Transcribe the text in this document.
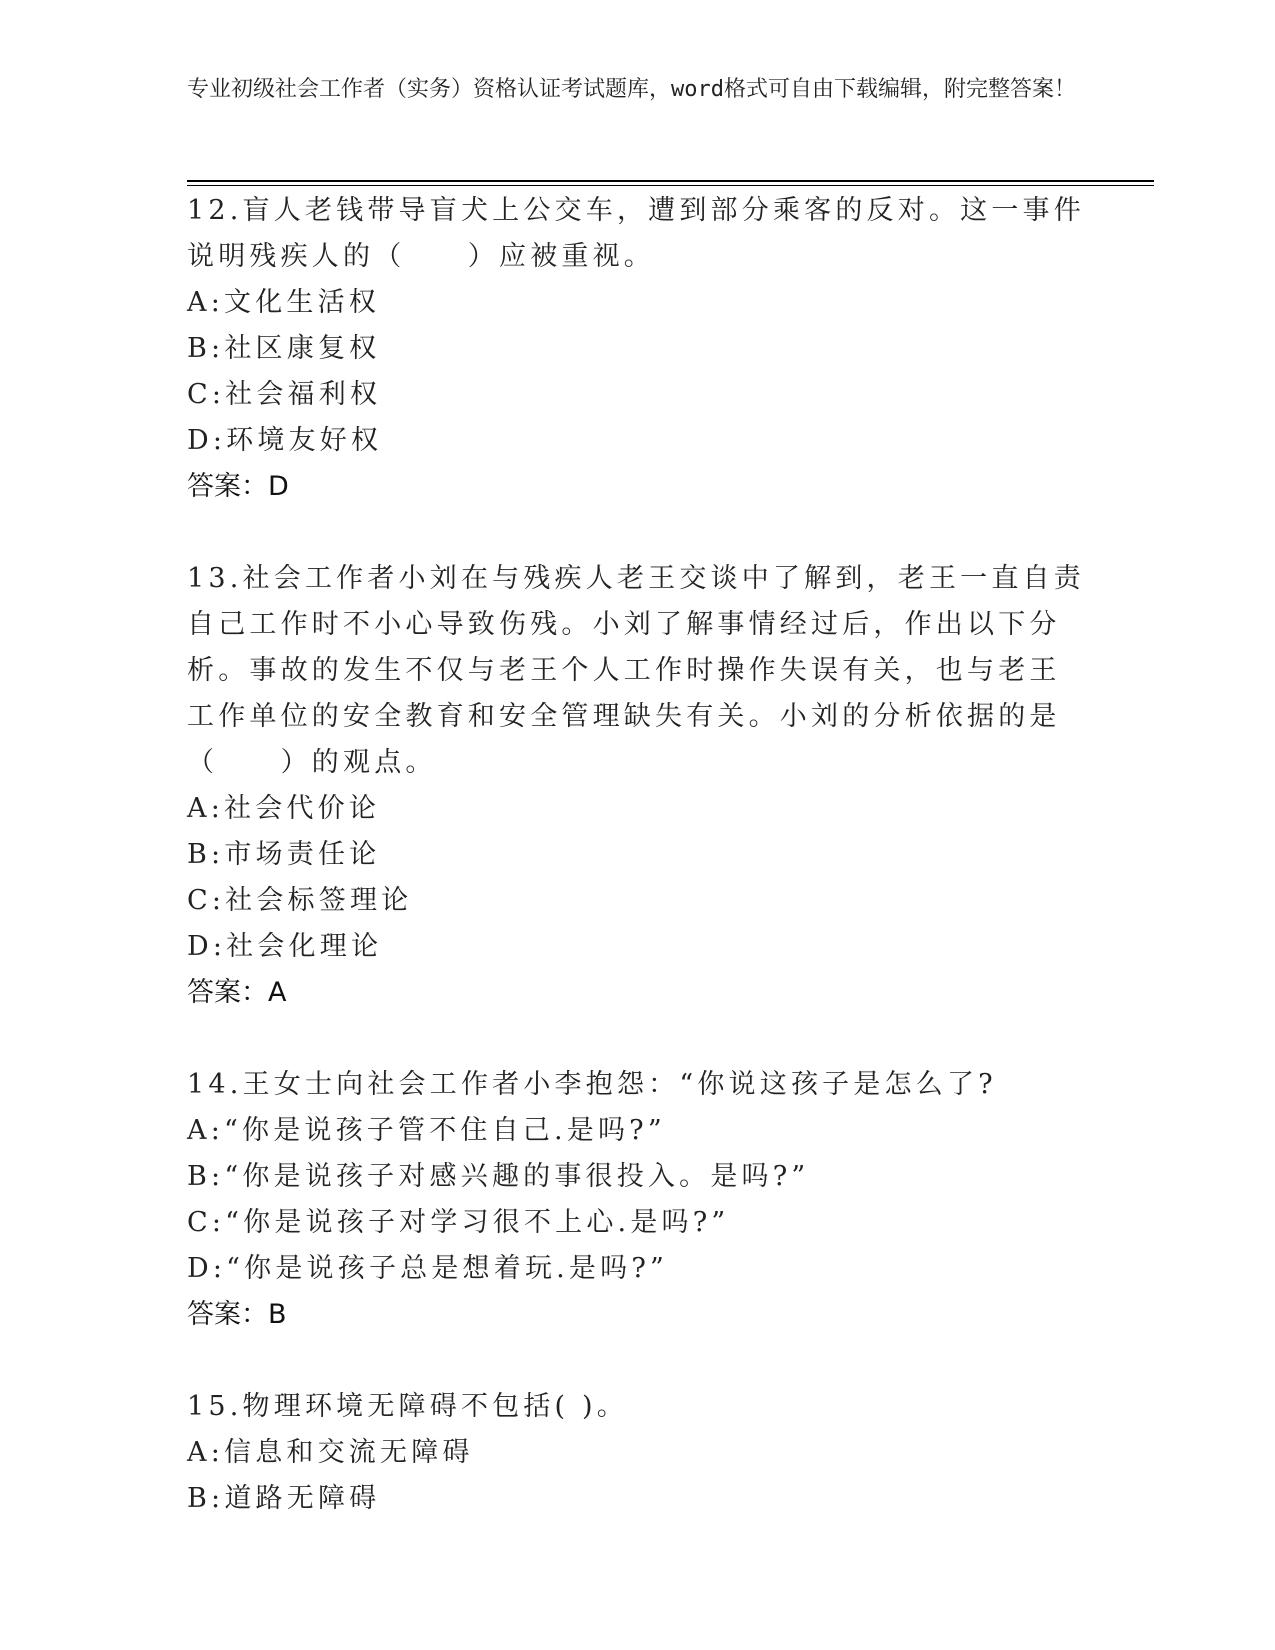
专业初级社会工作者（实务）资格认证考试题库，word格式可自由下载编辑，附完整答案！
12.盲人老钱带导盲犬上公交车，遭到部分乘客的反对。这一事件说明残疾人的（　　）应被重视。
A:文化生活权
B:社区康复权
C:社会福利权
D:环境友好权
答案：D
13.社会工作者小刘在与残疾人老王交谈中了解到，老王一直自责自己工作时不小心导致伤残。小刘了解事情经过后，作出以下分析。事故的发生不仅与老王个人工作时操作失误有关，也与老王工作单位的安全教育和安全管理缺失有关。小刘的分析依据的是（　　）的观点。
A:社会代价论
B:市场责任论
C:社会标签理论
D:社会化理论
答案：A
14.王女士向社会工作者小李抱怨：“你说这孩子是怎么了?
A:“你是说孩子管不住自己.是吗?”
B:“你是说孩子对感兴趣的事很投入。是吗?”
C:“你是说孩子对学习很不上心.是吗?”
D:“你是说孩子总是想着玩.是吗?”
答案：B
15.物理环境无障碍不包括( )。
A:信息和交流无障碍
B:道路无障碍
